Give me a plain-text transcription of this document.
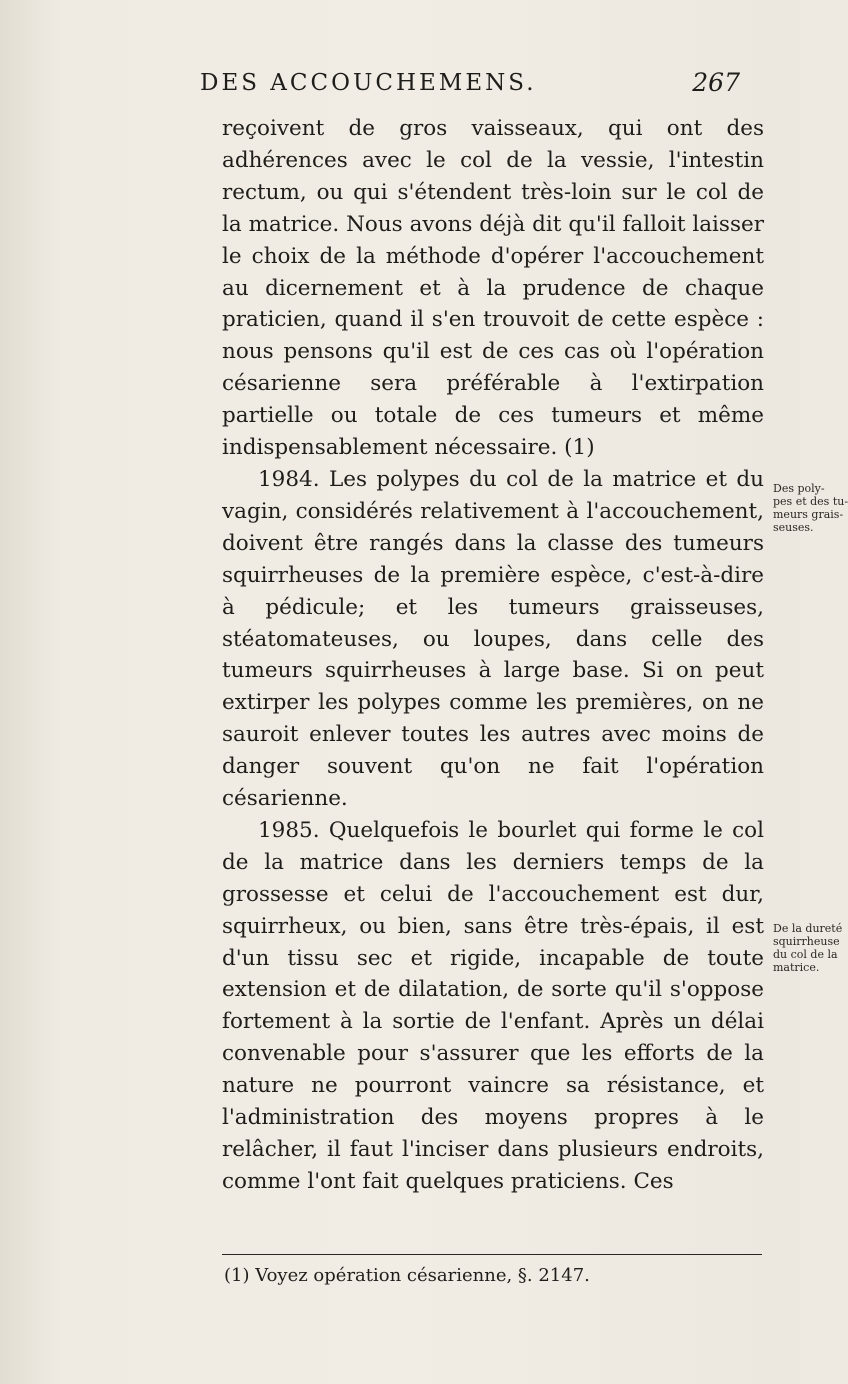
DES ACCOUCHEMENS.	267

reçoivent de gros vaisseaux, qui ont des adhérences avec le col de la vessie, l'intestin rectum, ou qui s'étendent très-loin sur le col de la matrice. Nous avons déjà dit qu'il falloit laisser le choix de la méthode d'opérer l'accouchement au dicernement et à la prudence de chaque praticien, quand il s'en trouvoit de cette espèce : nous pensons qu'il est de ces cas où l'opération césarienne sera préférable à l'extirpation partielle ou totale de ces tumeurs et même indispensablement nécessaire. (1)

1984. Les polypes du col de la matrice et du vagin, considérés relativement à l'accouchement, doivent être rangés dans la classe des tumeurs squirrheuses de la première espèce, c'est-à-dire à pédicule; et les tumeurs graisseuses, stéatomateuses, ou loupes, dans celle des tumeurs squirrheuses à large base. Si on peut extirper les polypes comme les premières, on ne sauroit enlever toutes les autres avec moins de danger souvent qu'on ne fait l'opération césarienne.

1985. Quelquefois le bourlet qui forme le col de la matrice dans les derniers temps de la grossesse et celui de l'accouchement est dur, squirrheux, ou bien, sans être très-épais, il est d'un tissu sec et rigide, incapable de toute extension et de dilatation, de sorte qu'il s'oppose fortement à la sortie de l'enfant. Après un délai convenable pour s'assurer que les efforts de la nature ne pourront vaincre sa résistance, et l'administration des moyens propres à le relâcher, il faut l'inciser dans plusieurs endroits, comme l'ont fait quelques praticiens. Ces

Des poly-
pes et des tu-
meurs grais-
seuses.
De la dureté
squirrheuse
du col de la
matrice.
(1) Voyez opération césarienne, §. 2147.
